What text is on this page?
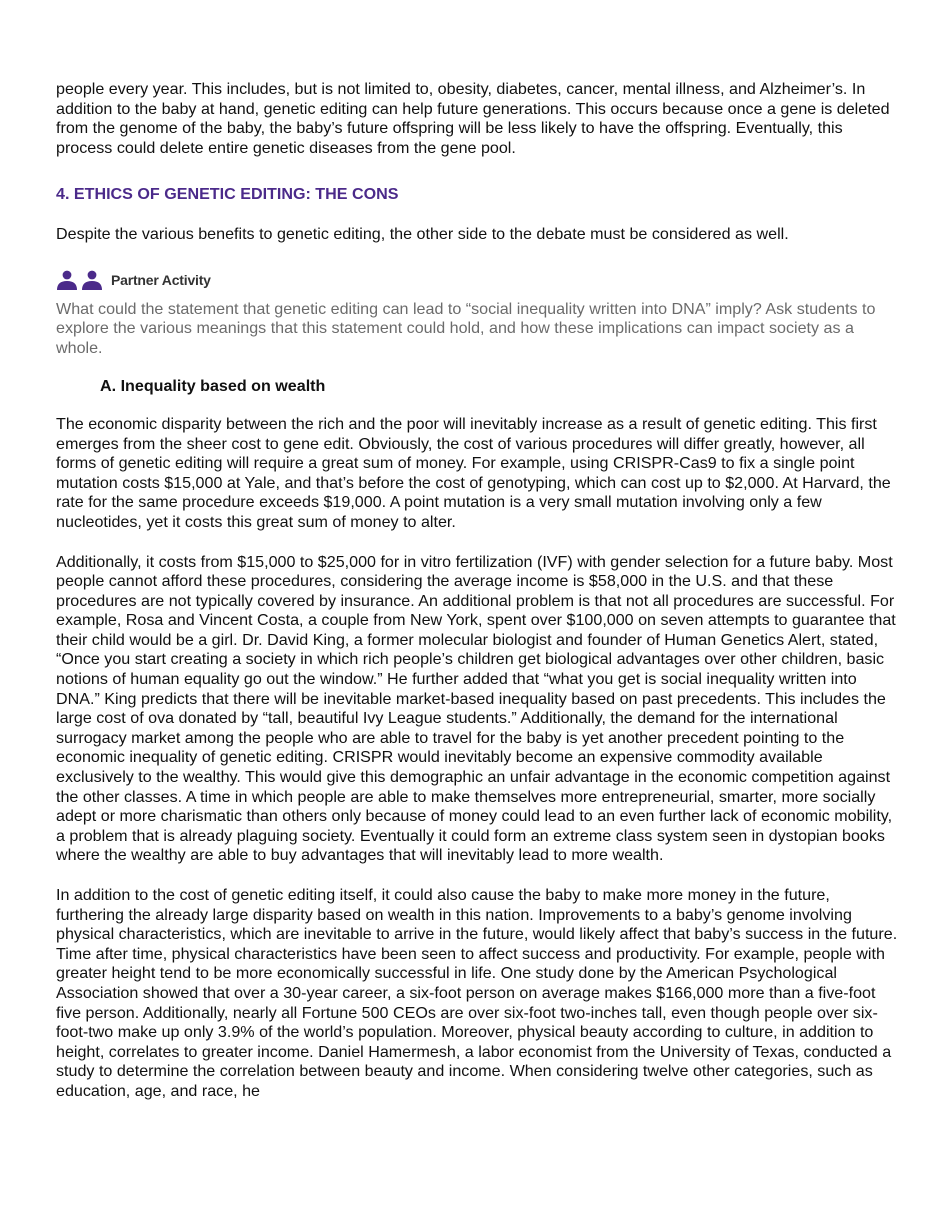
people every year. This includes, but is not limited to, obesity, diabetes, cancer, mental illness, and Alzheimer’s. In addition to the baby at hand, genetic editing can help future generations. This occurs because once a gene is deleted from the genome of the baby, the baby’s future offspring will be less likely to have the offspring. Eventually, this process could delete entire genetic diseases from the gene pool.

4. ETHICS OF GENETIC EDITING: THE CONS

Despite the various benefits to genetic editing, the other side to the debate must be considered as well.

Partner Activity

What could the statement that genetic editing can lead to “social inequality written into DNA” imply? Ask students to explore the various meanings that this statement could hold, and how these implications can impact society as a whole.

A. Inequality based on wealth

The economic disparity between the rich and the poor will inevitably increase as a result of genetic editing. This first emerges from the sheer cost to gene edit. Obviously, the cost of various procedures will differ greatly, however, all forms of genetic editing will require a great sum of money. For example, using CRISPR-Cas9 to fix a single point mutation costs $15,000 at Yale, and that’s before the cost of genotyping, which can cost up to $2,000. At Harvard, the rate for the same procedure exceeds $19,000. A point mutation is a very small mutation involving only a few nucleotides, yet it costs this great sum of money to alter.

Additionally, it costs from $15,000 to $25,000 for in vitro fertilization (IVF) with gender selection for a future baby. Most people cannot afford these procedures, considering the average income is $58,000 in the U.S. and that these procedures are not typically covered by insurance. An additional problem is that not all procedures are successful. For example, Rosa and Vincent Costa, a couple from New York, spent over $100,000 on seven attempts to guarantee that their child would be a girl. Dr. David King, a former molecular biologist and founder of Human Genetics Alert, stated, “Once you start creating a society in which rich people’s children get biological advantages over other children, basic notions of human equality go out the window.” He further added that “what you get is social inequality written into DNA.” King predicts that there will be inevitable market-based inequality based on past precedents. This includes the large cost of ova donated by “tall, beautiful Ivy League students.” Additionally, the demand for the international surrogacy market among the people who are able to travel for the baby is yet another precedent pointing to the economic inequality of genetic editing. CRISPR would inevitably become an expensive commodity available exclusively to the wealthy. This would give this demographic an unfair advantage in the economic competition against the other classes. A time in which people are able to make themselves more entrepreneurial, smarter, more socially adept or more charismatic than others only because of money could lead to an even further lack of economic mobility, a problem that is already plaguing society. Eventually it could form an extreme class system seen in dystopian books where the wealthy are able to buy advantages that will inevitably lead to more wealth.

In addition to the cost of genetic editing itself, it could also cause the baby to make more money in the future, furthering the already large disparity based on wealth in this nation. Improvements to a baby’s genome involving physical characteristics, which are inevitable to arrive in the future, would likely affect that baby’s success in the future. Time after time, physical characteristics have been seen to affect success and productivity. For example, people with greater height tend to be more economically successful in life. One study done by the American Psychological Association showed that over a 30-year career, a six-foot person on average makes $166,000 more than a five-foot five person. Additionally, nearly all Fortune 500 CEOs are over six-foot two-inches tall, even though people over six-foot-two make up only 3.9% of the world’s population. Moreover, physical beauty according to culture, in addition to height, correlates to greater income. Daniel Hamermesh, a labor economist from the University of Texas, conducted a study to determine the correlation between beauty and income. When considering twelve other categories, such as education, age, and race, he
